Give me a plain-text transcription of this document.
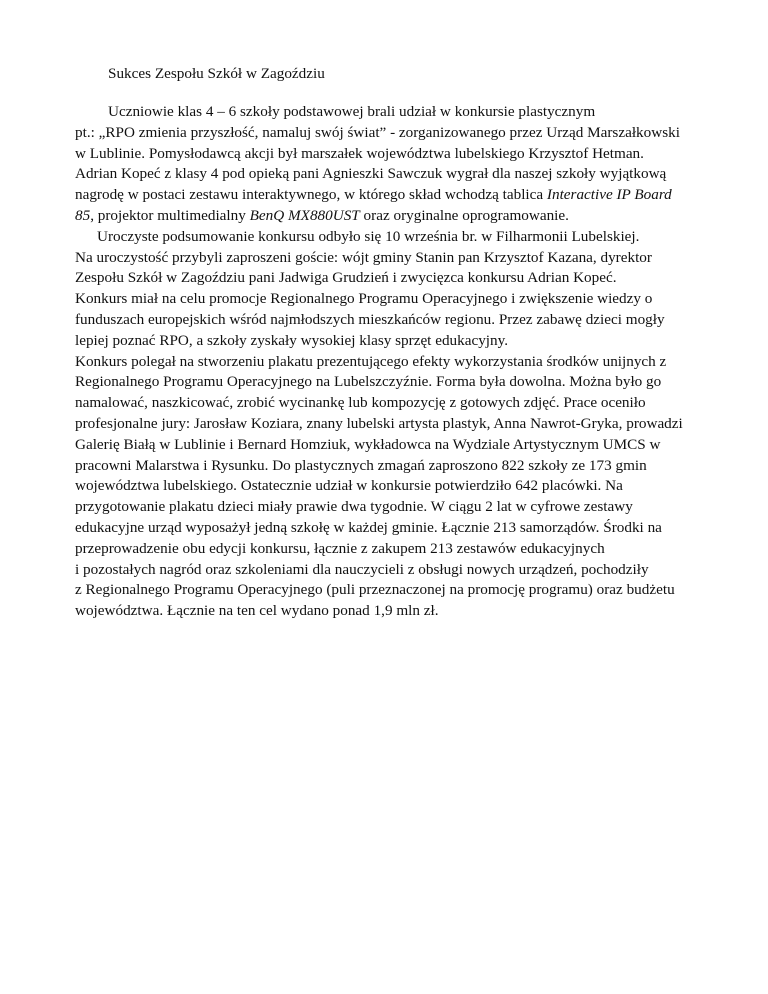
Sukces Zespołu Szkół w Zagoździu

Uczniowie klas 4 – 6 szkoły podstawowej brali udział w konkursie plastycznym
pt.: „RPO zmienia przyszłość, namaluj swój świat” - zorganizowanego przez Urząd Marszałkowski
w Lublinie. Pomysłodawcą akcji był marszałek województwa lubelskiego Krzysztof Hetman.
Adrian Kopeć z klasy 4 pod opieką pani Agnieszki Sawczuk wygrał dla naszej szkoły wyjątkową
nagrodę w postaci zestawu interaktywnego, w którego skład wchodzą tablica Interactive IP Board
85, projektor multimedialny BenQ MX880UST oraz oryginalne oprogramowanie.
Uroczyste podsumowanie konkursu odbyło się 10 września br. w Filharmonii Lubelskiej.
Na uroczystość przybyli zaproszeni goście: wójt gminy Stanin pan Krzysztof Kazana, dyrektor
Zespołu Szkół w Zagoździu pani Jadwiga Grudzień i zwycięzca konkursu Adrian Kopeć.
Konkurs miał na celu promocje Regionalnego Programu Operacyjnego i zwiększenie wiedzy o
funduszach europejskich wśród najmłodszych mieszkańców regionu. Przez zabawę dzieci mogły
lepiej poznać RPO, a szkoły zyskały wysokiej klasy sprzęt edukacyjny.
Konkurs polegał na stworzeniu plakatu prezentującego efekty wykorzystania środków unijnych z
Regionalnego Programu Operacyjnego na Lubelszczyźnie. Forma była dowolna. Można było go
namalować, naszkicować, zrobić wycinankę lub kompozycję z gotowych zdjęć. Prace oceniło
profesjonalne jury: Jarosław Koziara, znany lubelski artysta plastyk, Anna Nawrot-Gryka, prowadzi
Galerię Białą w Lublinie i Bernard Homziuk, wykładowca na Wydziale Artystycznym UMCS w
pracowni Malarstwa i Rysunku. Do plastycznych zmagań zaproszono 822 szkoły ze 173 gmin
województwa lubelskiego. Ostatecznie udział w konkursie potwierdziło 642 placówki. Na
przygotowanie plakatu dzieci miały prawie dwa tygodnie. W ciągu 2 lat w cyfrowe zestawy
edukacyjne urząd wyposażył jedną szkołę w każdej gminie. Łącznie 213 samorządów. Środki na
przeprowadzenie obu edycji konkursu, łącznie z zakupem 213 zestawów edukacyjnych
i pozostałych nagród oraz szkoleniami dla nauczycieli z obsługi nowych urządzeń, pochodziły
z Regionalnego Programu Operacyjnego (puli przeznaczonej na promocję programu) oraz budżetu
województwa. Łącznie na ten cel wydano ponad 1,9 mln zł.
